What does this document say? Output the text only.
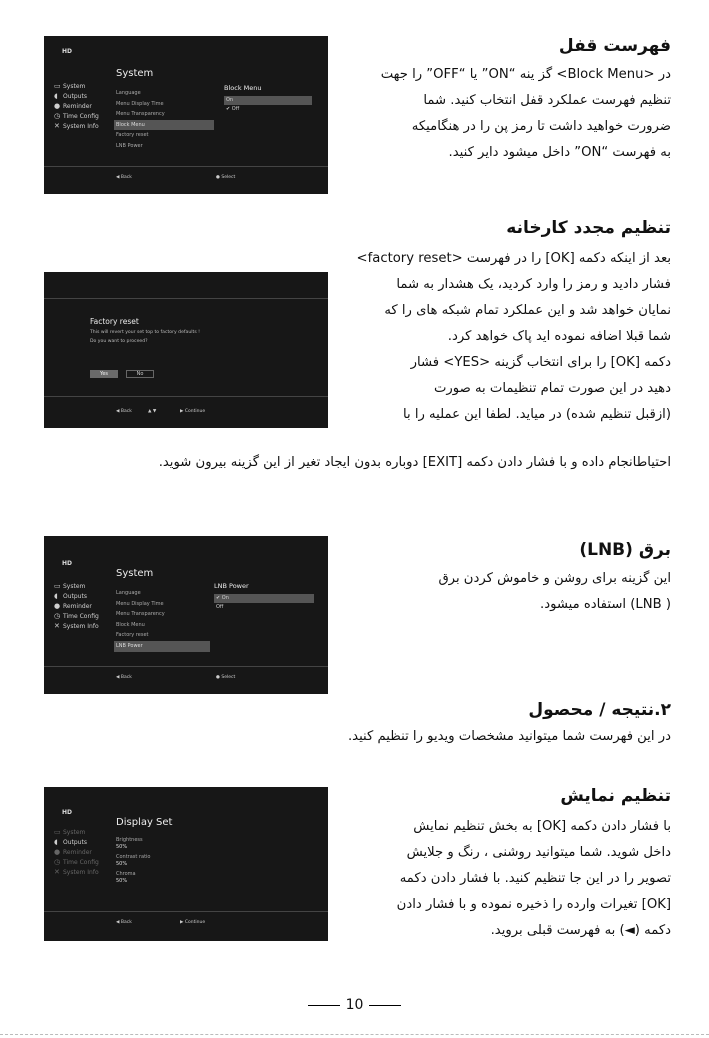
فهرست قفل
در <Block Menu> گز ینه “ON” یا “OFF” را جهت
تنظیم فهرست عملکرد قفل انتخاب کنید. شما
ضرورت خواهید داشت تا رمز پن را در هنگامیکه
به فهرست “ON” داخل میشود دایر کنید.
HD
System
▭ System
◖ Outputs
● Reminder
◷ Time Config
✕ System Info
Language
Menu Display Time
Menu Transparency
Block Menu
Factory reset
LNB Power
Block Menu
On
✔ Off
◀ Back	● Select
تنظیم مجدد کارخانه
بعد از اینکه دکمه [OK] را در فهرست <factory reset>
فشار دادید و رمز را وارد کردید، یک هشدار به شما
نمایان خواهد شد و این عملکرد تمام شبکه های را که
شما قبلا اضافه نموده اید پاک خواهد کرد.
دکمه [OK] را برای انتخاب گزینه <YES> فشار
دهید در این صورت تمام تنظیمات به صورت
(ازقبل تنظیم شده) در میاید. لطفا این عملیه را با
احتیاطانجام داده و با فشار دادن دکمه [EXIT] دوباره بدون ایجاد تغیر از این گزینه بیرون شوید.
Factory reset
This will revert your set top to factory defaults !
Do you want to proceed?
Yes	No
◀ Back	▲ ▼	▶ Continue
برق (LNB)
این گزینه برای روشن و خاموش کردن برق
( LNB) استفاده میشود.
HD
System
▭ System
◖ Outputs
● Reminder
◷ Time Config
✕ System Info
Language
Menu Display Time
Menu Transparency
Block Menu
Factory reset
LNB Power
LNB Power
✔ On
Off
◀ Back	● Select
۲.نتیجه / محصول
در این فهرست شما میتوانید مشخصات ویدیو را تنظیم کنید.
تنظیم نمایش
با فشار دادن دکمه [OK] به بخش تنظیم نمایش
داخل شوید. شما میتوانید روشنی ، رنگ و جلایش
تصویر را در این جا تنظیم کنید. با فشار دادن دکمه
[OK] تغیرات وارده را ذخیره نموده و با فشار دادن
دکمه (◄) به فهرست قبلی بروید.
HD
Display Set
▭ System
◖ Outputs
● Reminder
◷ Time Config
✕ System Info
Brightness
50%
Contrast ratio
50%
Chroma
50%
◀ Back	▶ Continue
10
